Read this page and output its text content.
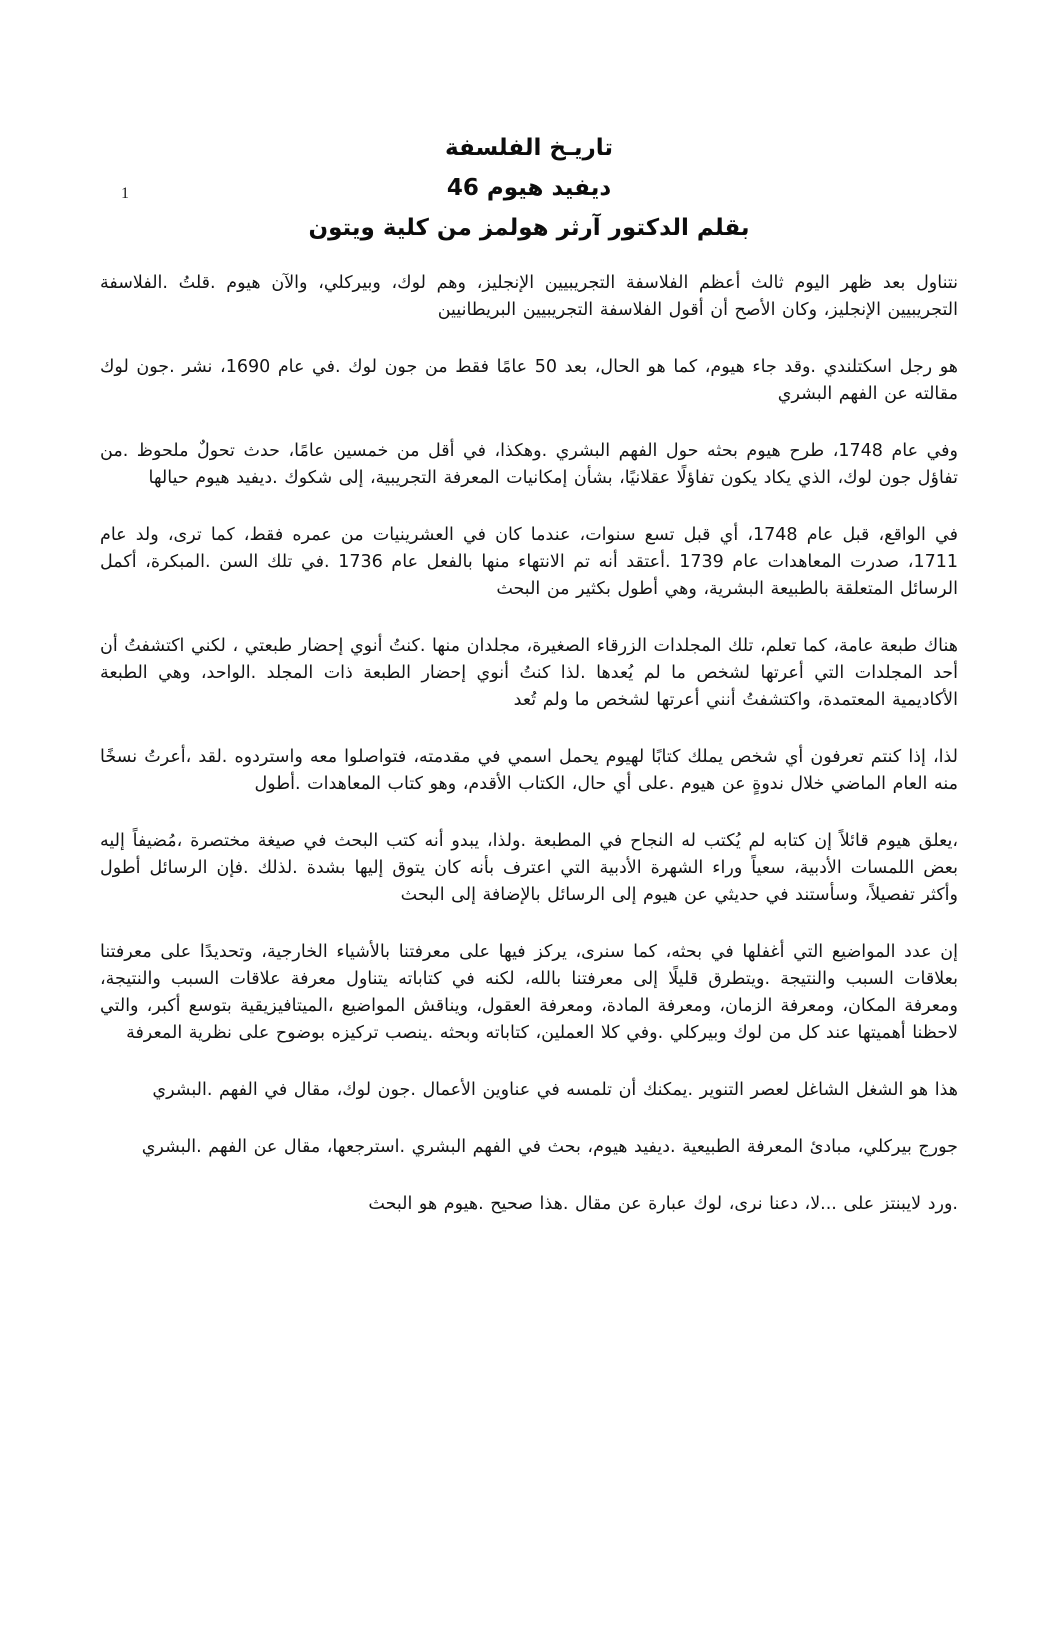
1
تاريـخ الفلسفة
ديفيد هيوم 46
بقلم الدكتور آرثر هولمز من كلية ويتون

نتناول بعد ظهر اليوم ثالث أعظم الفلاسفة التجريبيين الإنجليز، وهم لوك، وبيركلي، والآن هيوم .قلتُ .الفلاسفة التجريبيين الإنجليز، وكان الأصح أن أقول الفلاسفة التجريبيين البريطانيين

هو رجل اسكتلندي .وقد جاء هيوم، كما هو الحال، بعد 50 عامًا فقط من جون لوك .في عام 1690، نشر .جون لوك مقالته عن الفهم البشري

وفي عام 1748، طرح هيوم بحثه حول الفهم البشري .وهكذا، في أقل من خمسين عامًا، حدث تحولٌ ملحوظ .من تفاؤل جون لوك، الذي يكاد يكون تفاؤلًا عقلانيًا، بشأن إمكانيات المعرفة التجريبية، إلى شكوك .ديفيد هيوم حيالها

في الواقع، قبل عام 1748، أي قبل تسع سنوات، عندما كان في العشرينيات من عمره فقط، كما ترى، ولد عام 1711، صدرت المعاهدات عام 1739 .أعتقد أنه تم الانتهاء منها بالفعل عام 1736 .في تلك السن .المبكرة، أكمل الرسائل المتعلقة بالطبيعة البشرية، وهي أطول بكثير من البحث

هناك طبعة عامة، كما تعلم، تلك المجلدات الزرقاء الصغيرة، مجلدان منها .كنتُ أنوي إحضار طبعتي ، لكني اكتشفتُ أن أحد المجلدات التي أعرتها لشخص ما لم يُعدها .لذا كنتُ أنوي إحضار الطبعة ذات المجلد .الواحد، وهي الطبعة الأكاديمية المعتمدة، واكتشفتُ أنني أعرتها لشخص ما ولم تُعد

لذا، إذا كنتم تعرفون أي شخص يملك كتابًا لهيوم يحمل اسمي في مقدمته، فتواصلوا معه واستردوه .لقد ،أعرتُ نسخًا منه العام الماضي خلال ندوةٍ عن هيوم .على أي حال، الكتاب الأقدم، وهو كتاب المعاهدات .أطول

،يعلق هيوم قائلاً إن كتابه لم يُكتب له النجاح في المطبعة .ولذا، يبدو أنه كتب البحث في صيغة مختصرة ،مُضيفاً إليه بعض اللمسات الأدبية، سعياً وراء الشهرة الأدبية التي اعترف بأنه كان يتوق إليها بشدة .لذلك .فإن الرسائل أطول وأكثر تفصيلاً، وسأستند في حديثي عن هيوم إلى الرسائل بالإضافة إلى البحث

إن عدد المواضيع التي أغفلها في بحثه، كما سنرى، يركز فيها على معرفتنا بالأشياء الخارجية، وتحديدًا على معرفتنا بعلاقات السبب والنتيجة .ويتطرق قليلًا إلى معرفتنا بالله، لكنه في كتاباته يتناول معرفة علاقات السبب والنتيجة، ومعرفة المكان، ومعرفة الزمان، ومعرفة المادة، ومعرفة العقول، ويناقش المواضيع ،الميتافيزيقية بتوسع أكبر، والتي لاحظنا أهميتها عند كل من لوك وبيركلي .وفي كلا العملين، كتاباته وبحثه .ينصب تركيزه بوضوح على نظرية المعرفة

هذا هو الشغل الشاغل لعصر التنوير .يمكنك أن تلمسه في عناوين الأعمال .جون لوك، مقال في الفهم .البشري

جورج بيركلي، مبادئ المعرفة الطبيعية .ديفيد هيوم، بحث في الفهم البشري .استرجعها، مقال عن الفهم .البشري

.ورد لايبنتز على ...لا، دعنا نرى، لوك عبارة عن مقال .هذا صحيح .هيوم هو البحث
